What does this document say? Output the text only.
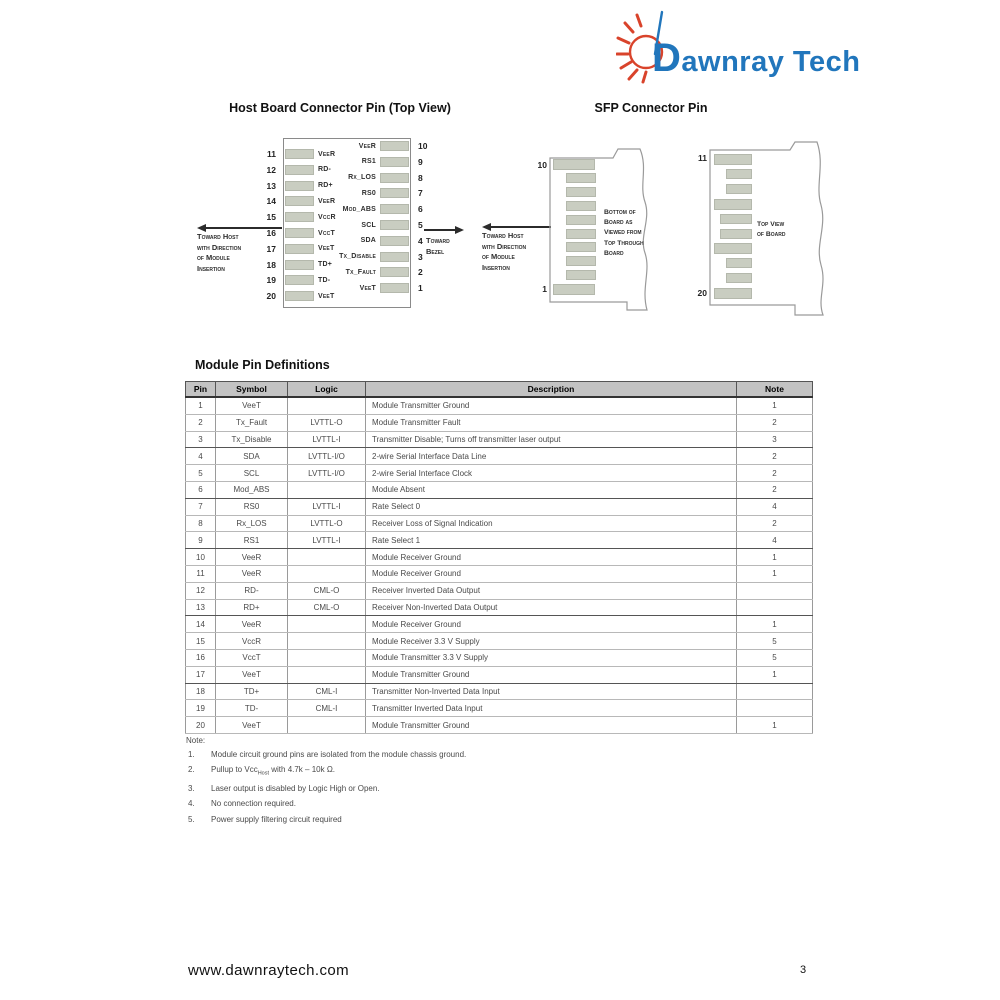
Dawnray Tech
Host Board Connector Pin (Top View)	SFP Connector Pin
Toward Host
with Direction
of Module
Insertion
Toward
Bezel
Toward Host
with Direction
of Module
Insertion
10
1
Bottom of
Board as
Viewed from
Top Through
Board
11
20
Top View
of Board
Module Pin Definitions
Pin	Symbol	Logic	Description	Note
1	VeeT		Module Transmitter Ground	1
2	Tx_Fault	LVTTL-O	Module Transmitter Fault	2
3	Tx_Disable	LVTTL-I	Transmitter Disable; Turns off transmitter laser output	3
4	SDA	LVTTL-I/O	2-wire Serial Interface Data Line	2
5	SCL	LVTTL-I/O	2-wire Serial Interface Clock	2
6	Mod_ABS		Module Absent	2
7	RS0	LVTTL-I	Rate Select 0	4
8	Rx_LOS	LVTTL-O	Receiver Loss of Signal Indication	2
9	RS1	LVTTL-I	Rate Select 1	4
10	VeeR		Module Receiver Ground	1
11	VeeR		Module Receiver Ground	1
12	RD-	CML-O	Receiver Inverted Data Output	
13	RD+	CML-O	Receiver Non-Inverted Data Output	
14	VeeR		Module Receiver Ground	1
15	VccR		Module Receiver 3.3 V Supply	5
16	VccT		Module Transmitter 3.3 V Supply	5
17	VeeT		Module Transmitter Ground	1
18	TD+	CML-I	Transmitter Non-Inverted Data Input	
19	TD-	CML-I	Transmitter Inverted Data Input	
20	VeeT		Module Transmitter Ground	1
Note:
1.	Module circuit ground pins are isolated from the module chassis ground.
2.	Pullup to Vcc$_{Host}$ with 4.7k – 10k Ω.
3.	Laser output is disabled by Logic High or Open.
4.	No connection required.
5.	Power supply filtering circuit required
www.dawnraytech.com	3
11	VeeR
12	RD-
13	RD+
14	VeeR
15	VccR
16	VccT
17	VeeT
18	TD+
19	TD-
20	VeeT
10
VeeR
9
RS1
8
Rx_LOS
7
RS0
6
Mod_ABS
5
SCL
4
SDA
3
Tx_Disable
2
Tx_Fault
1
VeeT
